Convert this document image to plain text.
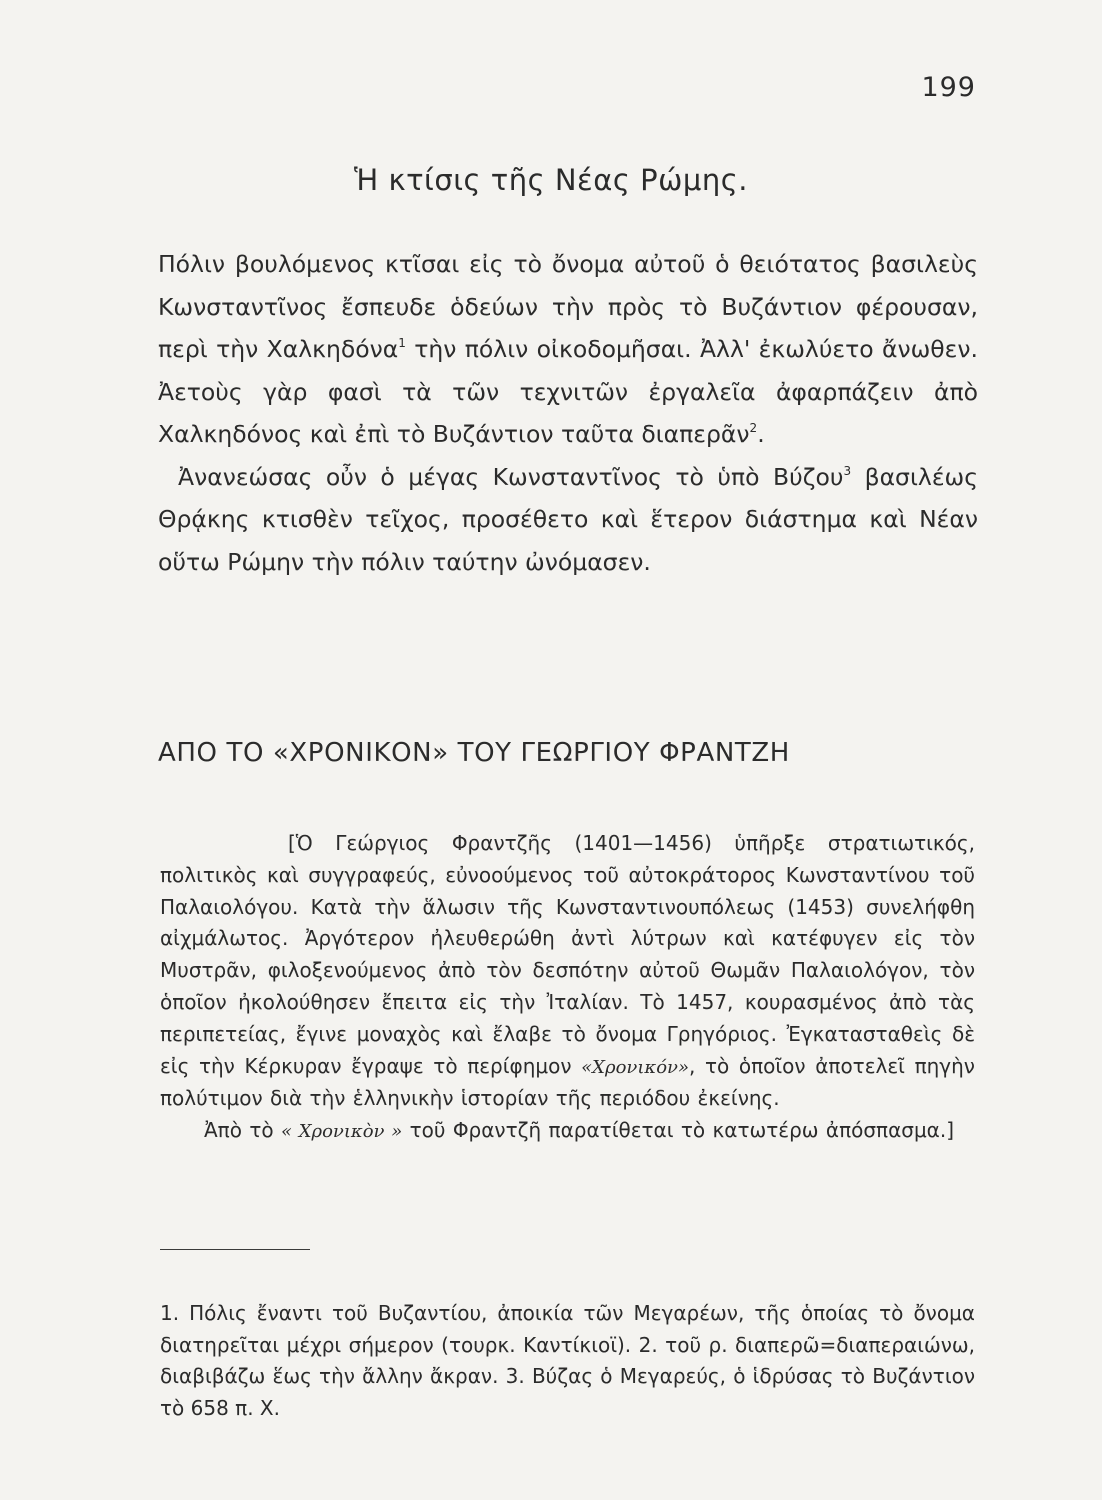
199
Ἡ κτίσις τῆς Νέας Ρώμης.

Πόλιν βουλόμενος κτῖσαι εἰς τὸ ὄνομα αὐτοῦ ὁ θειότατος βασιλεὺς Κωνσταντῖνος ἔσπευδε ὁδεύων τὴν πρὸς τὸ Βυζάντιον φέρουσαν, περὶ τὴν Χαλκηδόνα$^1$ τὴν πόλιν οἰκοδομῆσαι. Ἀλλ' ἐκωλύετο ἄνωθεν. Ἀετοὺς γὰρ φασὶ τὰ τῶν τεχνιτῶν ἐργαλεῖα ἀφαρπάζειν ἀπὸ Χαλκηδόνος καὶ ἐπὶ τὸ Βυζάντιον ταῦτα διαπερᾶν$^2$.

Ἀνανεώσας οὖν ὁ μέγας Κωνσταντῖνος τὸ ὑπὸ Βύζου$^3$ βασιλέως Θρᾴκης κτισθὲν τεῖχος, προσέθετο καὶ ἕτερον διάστημα καὶ Νέαν οὕτω Ρώμην τὴν πόλιν ταύτην ὠνόμασεν.

ΑΠΟ ΤΟ «ΧΡΟΝΙΚΟΝ» ΤΟΥ ΓΕΩΡΓΙΟΥ ΦΡΑΝΤΖΗ

[Ὁ Γεώργιος Φραντζῆς (1401—1456) ὑπῆρξε στρατιωτικός, πολιτικὸς καὶ συγγραφεύς, εὐνοούμενος τοῦ αὐτοκράτορος Κωνσταντίνου τοῦ Παλαιολόγου. Κατὰ τὴν ἅλωσιν τῆς Κωνσταντινουπόλεως (1453) συνελήφθη αἰχμάλωτος. Ἀργότερον ἠλευθερώθη ἀντὶ λύτρων καὶ κατέφυγεν εἰς τὸν Μυστρᾶν, φιλοξενούμενος ἀπὸ τὸν δεσπότην αὐτοῦ Θωμᾶν Παλαιολόγον, τὸν ὁποῖον ἠκολούθησεν ἔπειτα εἰς τὴν Ἰταλίαν. Τὸ 1457, κουρασμένος ἀπὸ τὰς περιπετείας, ἔγινε μοναχὸς καὶ ἔλαβε τὸ ὄνομα Γρηγόριος. Ἐγκατασταθεὶς δὲ εἰς τὴν Κέρκυραν ἔγραψε τὸ περίφημον «Χρονικόν», τὸ ὁποῖον ἀποτελεῖ πηγὴν πολύτιμον διὰ τὴν ἑλληνικὴν ἱστορίαν τῆς περιόδου ἐκείνης.

Ἀπὸ τὸ « Χρονικὸν » τοῦ Φραντζῆ παρατίθεται τὸ κατωτέρω ἀπόσπασμα.]

1. Πόλις ἔναντι τοῦ Βυζαντίου, ἀποικία τῶν Μεγαρέων, τῆς ὁποίας τὸ ὄνομα διατηρεῖται μέχρι σήμερον (τουρκ. Καντίκιοϊ). 2. τοῦ ρ. διαπερῶ=διαπεραιώνω, διαβιβάζω ἕως τὴν ἄλλην ἄκραν. 3. Βύζας ὁ Μεγαρεύς, ὁ ἱδρύσας τὸ Βυζάντιον τὸ 658 π. Χ.
